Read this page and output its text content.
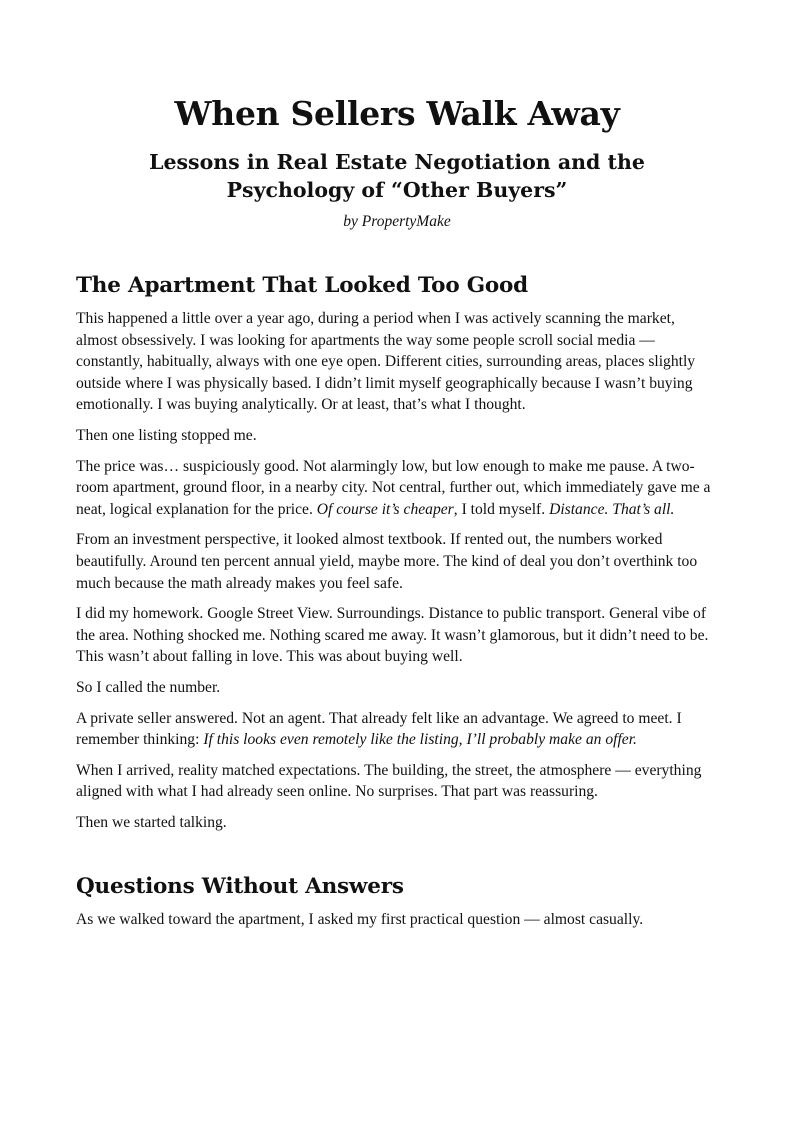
When Sellers Walk Away
Lessons in Real Estate Negotiation and the Psychology of “Other Buyers”
by PropertyMake
The Apartment That Looked Too Good

This happened a little over a year ago, during a period when I was actively scanning the market, almost obsessively. I was looking for apartments the way some people scroll social media — constantly, habitually, always with one eye open. Different cities, surrounding areas, places slightly outside where I was physically based. I didn’t limit myself geographically because I wasn’t buying emotionally. I was buying analytically. Or at least, that’s what I thought.

Then one listing stopped me.

The price was… suspiciously good. Not alarmingly low, but low enough to make me pause. A two-room apartment, ground floor, in a nearby city. Not central, further out, which immediately gave me a neat, logical explanation for the price. Of course it’s cheaper, I told myself. Distance. That’s all.

From an investment perspective, it looked almost textbook. If rented out, the numbers worked beautifully. Around ten percent annual yield, maybe more. The kind of deal you don’t overthink too much because the math already makes you feel safe.

I did my homework. Google Street View. Surroundings. Distance to public transport. General vibe of the area. Nothing shocked me. Nothing scared me away. It wasn’t glamorous, but it didn’t need to be. This wasn’t about falling in love. This was about buying well.

So I called the number.

A private seller answered. Not an agent. That already felt like an advantage. We agreed to meet. I remember thinking: If this looks even remotely like the listing, I’ll probably make an offer.

When I arrived, reality matched expectations. The building, the street, the atmosphere — everything aligned with what I had already seen online. No surprises. That part was reassuring.

Then we started talking.

Questions Without Answers

As we walked toward the apartment, I asked my first practical question — almost casually.
